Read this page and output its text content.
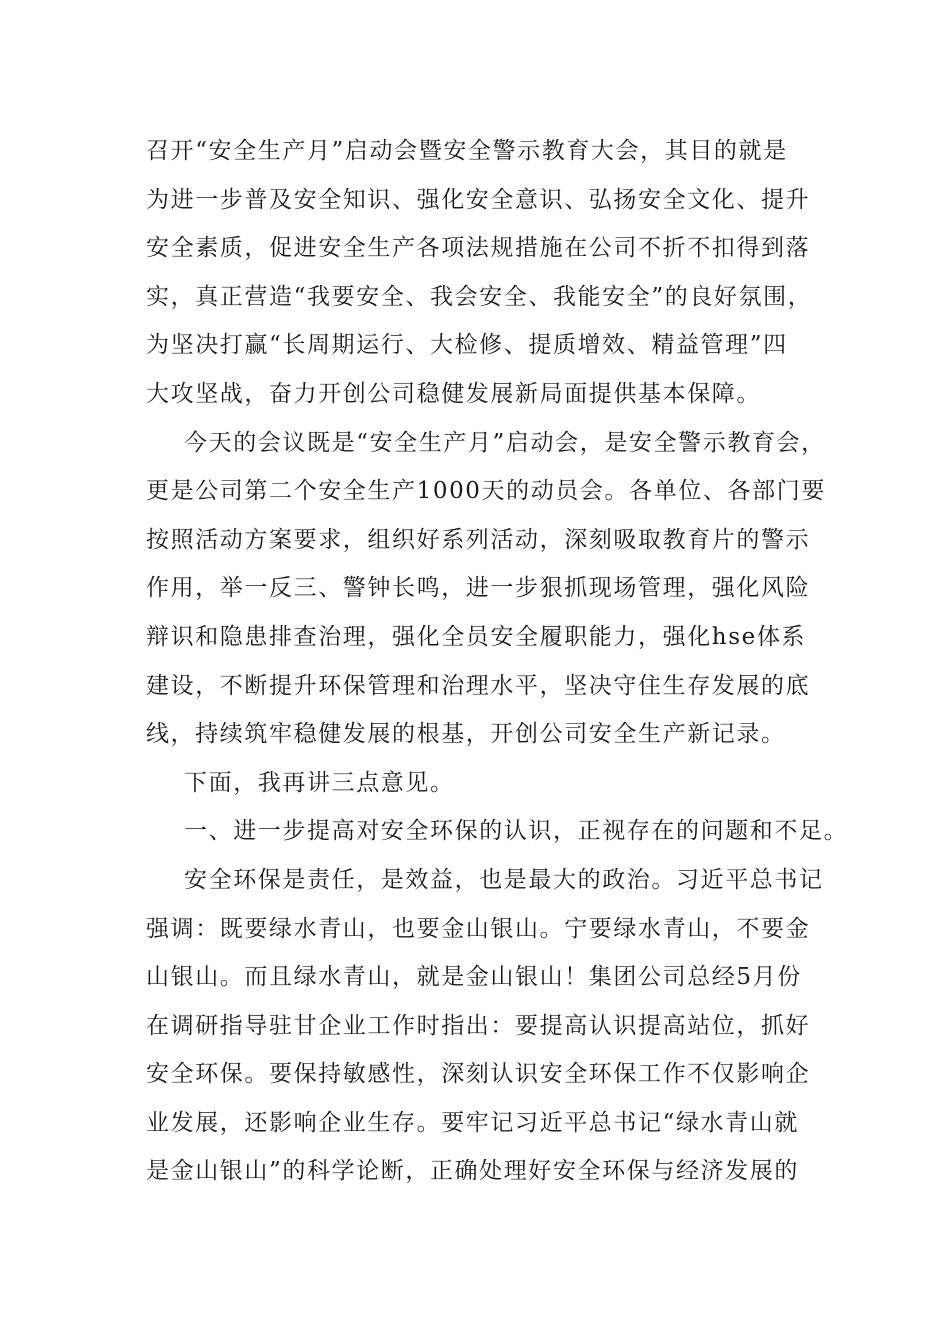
召开“安全生产月”启动会暨安全警示教育大会，其目的就是
为进一步普及安全知识、强化安全意识、弘扬安全文化、提升
安全素质，促进安全生产各项法规措施在公司不折不扣得到落
实，真正营造“我要安全、我会安全、我能安全”的良好氛围，
为坚决打赢“长周期运行、大检修、提质增效、精益管理”四
大攻坚战，奋力开创公司稳健发展新局面提供基本保障。
今天的会议既是“安全生产月”启动会，是安全警示教育会，
更是公司第二个安全生产1000天的动员会。各单位、各部门要
按照活动方案要求，组织好系列活动，深刻吸取教育片的警示
作用，举一反三、警钟长鸣，进一步狠抓现场管理，强化风险
辩识和隐患排查治理，强化全员安全履职能力，强化hse体系
建设，不断提升环保管理和治理水平，坚决守住生存发展的底
线，持续筑牢稳健发展的根基，开创公司安全生产新记录。
下面，我再讲三点意见。
一、进一步提高对安全环保的认识，正视存在的问题和不足。
安全环保是责任，是效益，也是最大的政治。习近平总书记
强调：既要绿水青山，也要金山银山。宁要绿水青山，不要金
山银山。而且绿水青山，就是金山银山！集团公司总经5月份
在调研指导驻甘企业工作时指出：要提高认识提高站位，抓好
安全环保。要保持敏感性，深刻认识安全环保工作不仅影响企
业发展，还影响企业生存。要牢记习近平总书记“绿水青山就
是金山银山”的科学论断，正确处理好安全环保与经济发展的
